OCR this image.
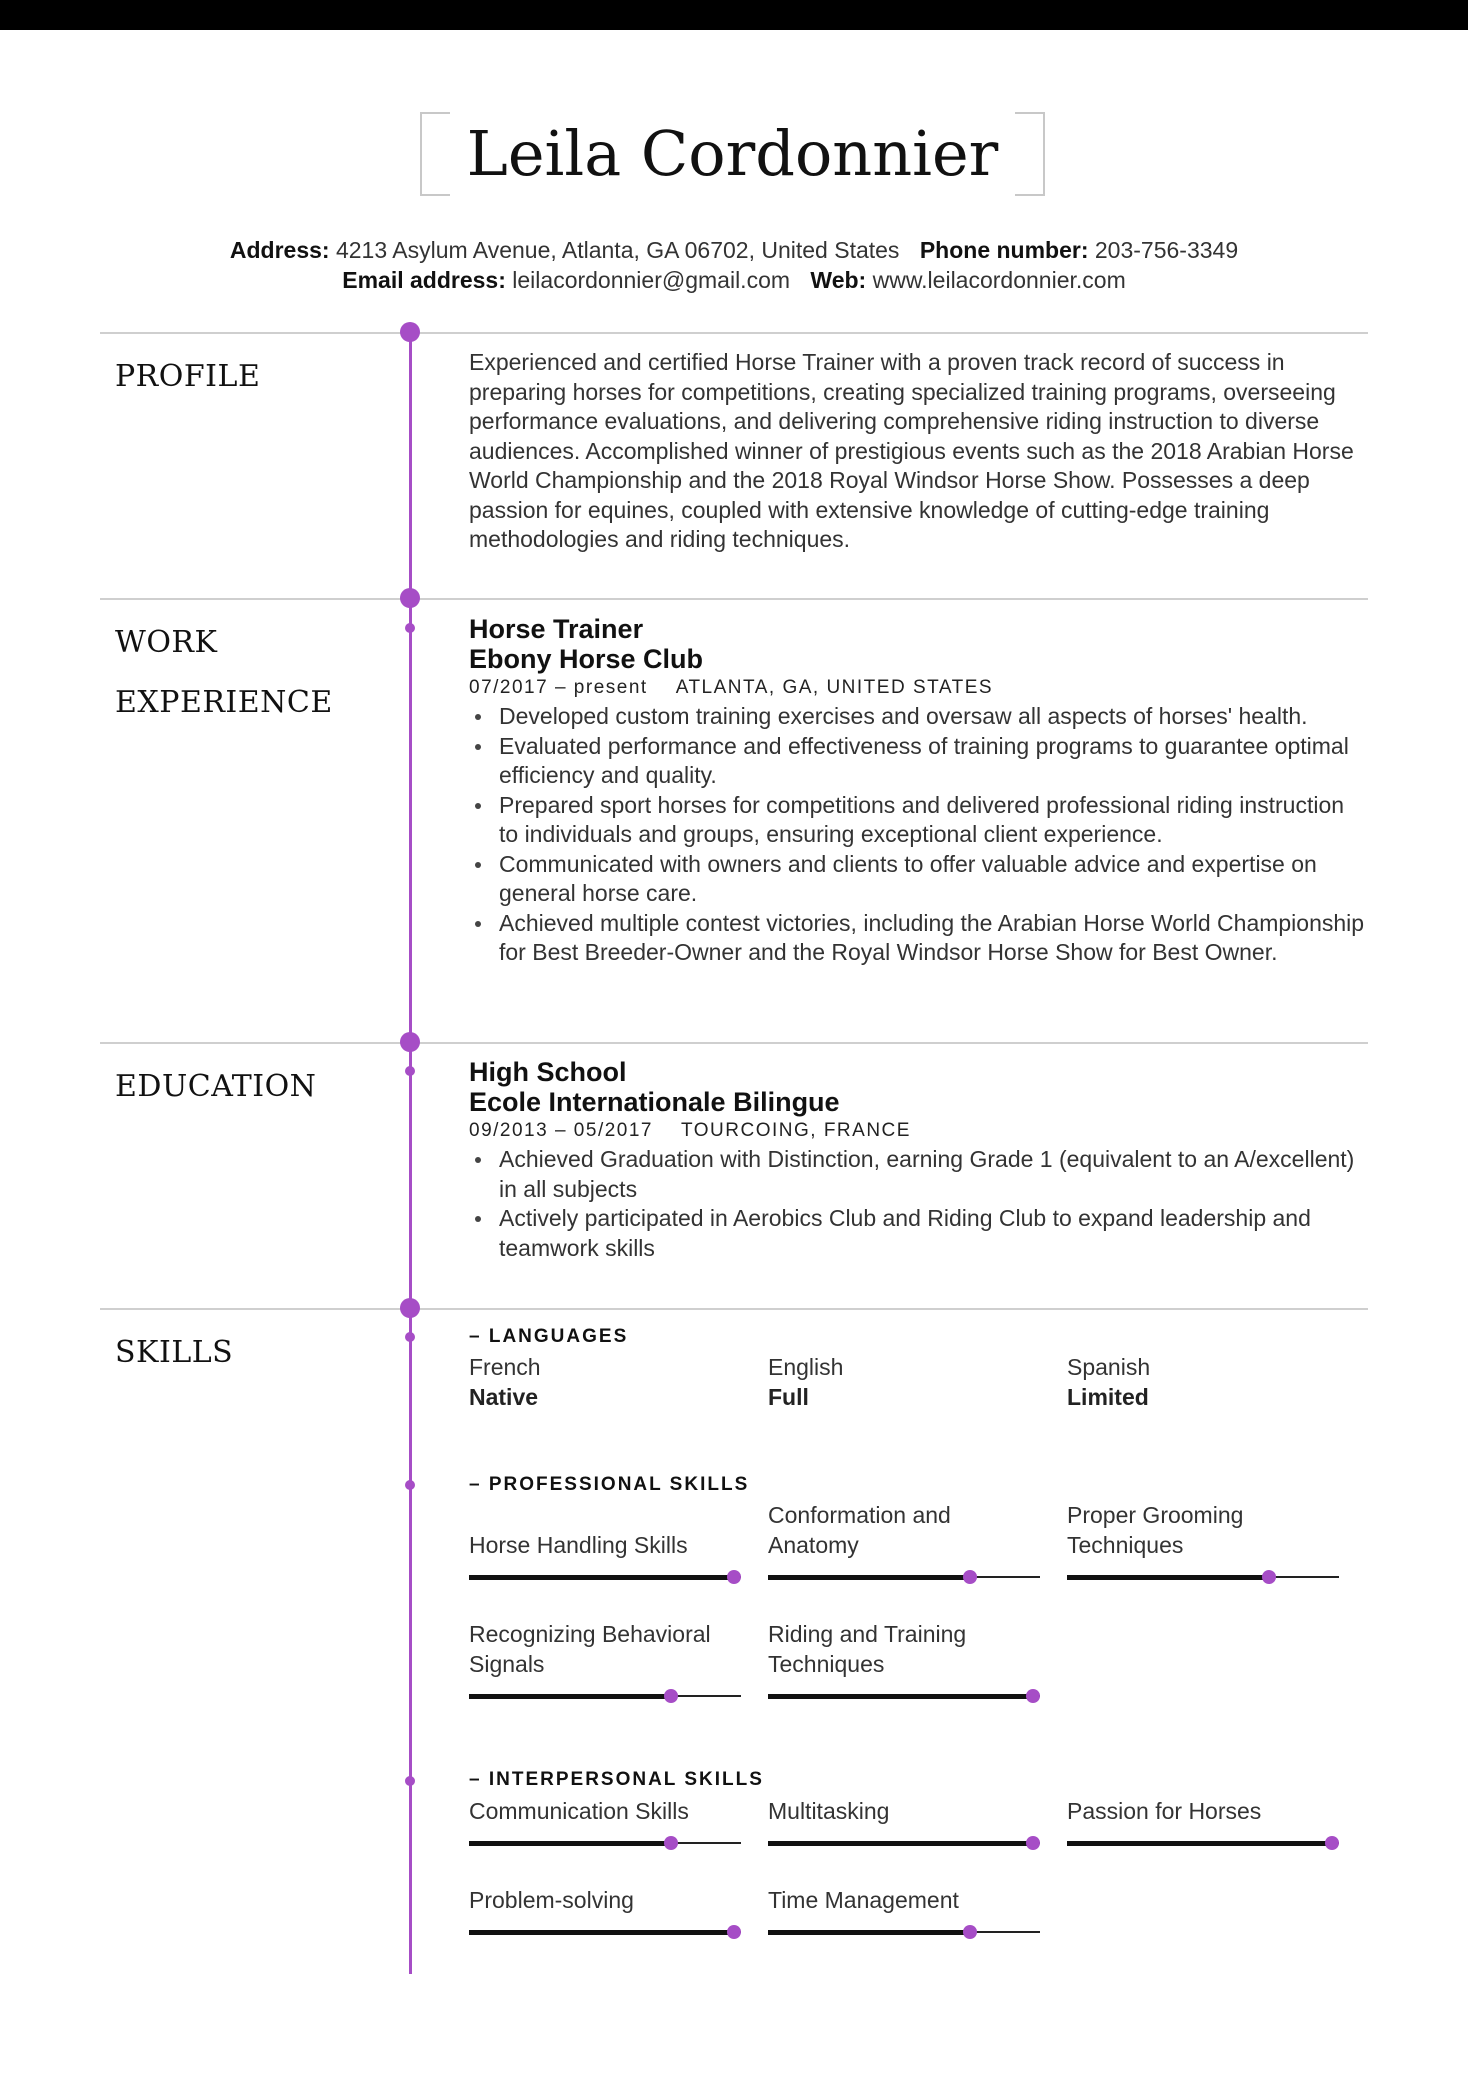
Leila Cordonnier
Address: 4213 Asylum Avenue, Atlanta, GA 06702, United States Phone number: 203-756-3349
Email address: leilacordonnier@gmail.com Web: www.leilacordonnier.com
PROFILE	Experienced and certified Horse Trainer with a proven track record of success in preparing horses for competitions, creating specialized training programs, overseeing performance evaluations, and delivering comprehensive riding instruction to diverse audiences. Accomplished winner of prestigious events such as the 2018 Arabian Horse World Championship and the 2018 Royal Windsor Horse Show. Possesses a deep passion for equines, coupled with extensive knowledge of cutting-edge training methodologies and riding techniques.

WORK
EXPERIENCE
Horse Trainer
Ebony Horse Club
07/2017 – present ATLANTA, GA, UNITED STATES
Developed custom training exercises and oversaw all aspects of horses' health.
Evaluated performance and effectiveness of training programs to guarantee optimal efficiency and quality.
Prepared sport horses for competitions and delivered professional riding instruction to individuals and groups, ensuring exceptional client experience.
Communicated with owners and clients to offer valuable advice and expertise on general horse care.
Achieved multiple contest victories, including the Arabian Horse World Championship for Best Breeder-Owner and the Royal Windsor Horse Show for Best Owner.
EDUCATION	High School
Ecole Internationale Bilingue
09/2013 – 05/2017 TOURCOING, FRANCE
Achieved Graduation with Distinction, earning Grade 1 (equivalent to an A/excellent) in all subjects
Actively participated in Aerobics Club and Riding Club to expand leadership and teamwork skills
SKILLS	– LANGUAGES
French
Native
English
Full
Spanish
Limited
– PROFESSIONAL SKILLS
Horse Handling Skills
Conformation and Anatomy
Proper Grooming Techniques
Recognizing Behavioral Signals
Riding and Training Techniques
– INTERPERSONAL SKILLS
Communication Skills	Multitasking	Passion for Horses
Problem-solving	Time Management
